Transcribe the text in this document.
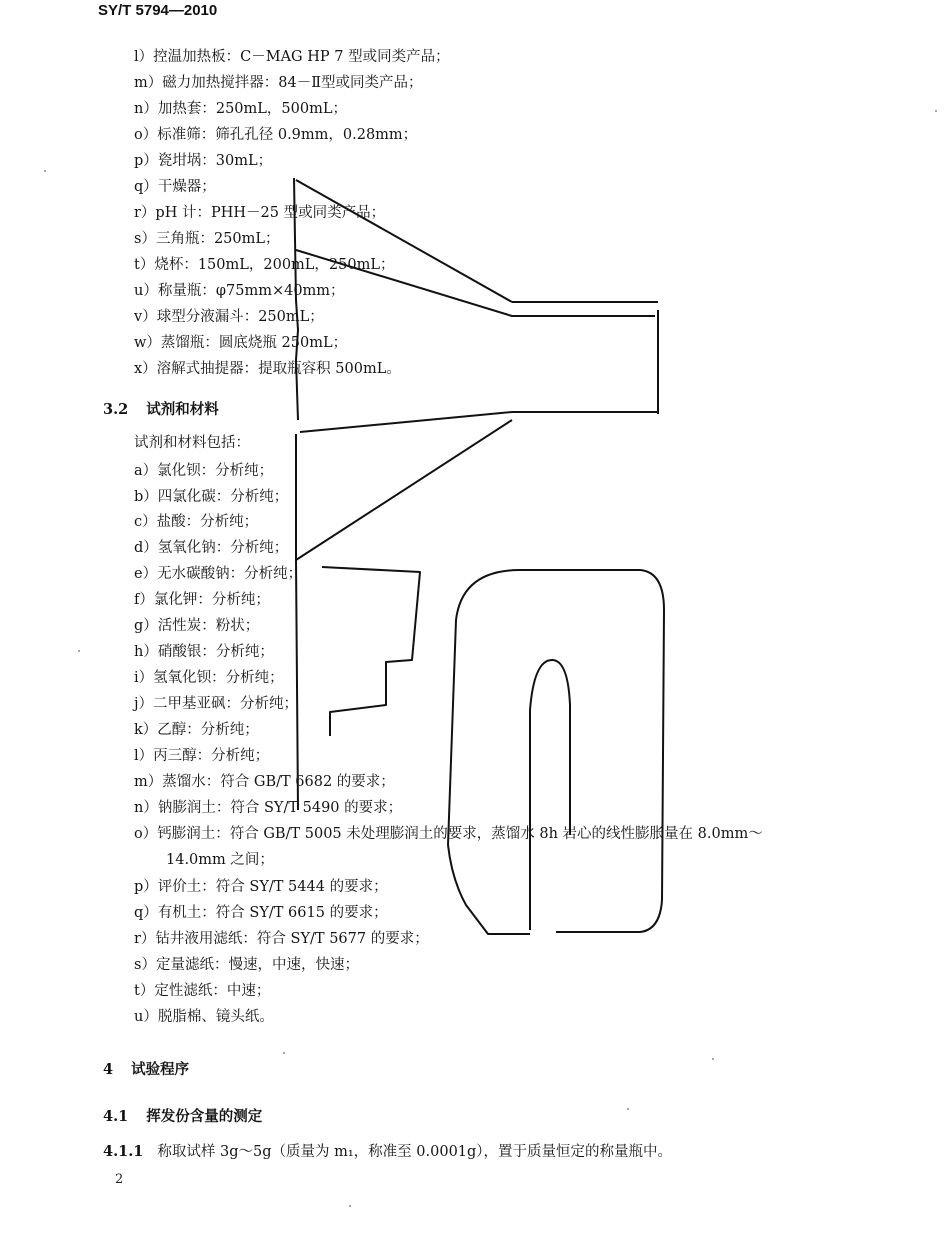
SY/T 5794—2010
l）控温加热板：C－MAG HP 7 型或同类产品；
m）磁力加热搅拌器：84－Ⅱ型或同类产品；
n）加热套：250mL，500mL；
o）标准筛：筛孔孔径 0.9mm，0.28mm；
p）瓷坩埚：30mL；
q）干燥器；
r）pH 计：PHH－25 型或同类产品；
s）三角瓶：250mL；
t）烧杯：150mL，200mL，250mL；
u）称量瓶：φ75mm×40mm；
v）球型分液漏斗：250mL；
w）蒸馏瓶：圆底烧瓶 250mL；
x）溶解式抽提器：提取瓶容积 500mL。
3.2 试剂和材料
试剂和材料包括：
a）氯化钡：分析纯；
b）四氯化碳：分析纯；
c）盐酸：分析纯；
d）氢氧化钠：分析纯；
e）无水碳酸钠：分析纯；
f）氯化钾：分析纯；
g）活性炭：粉状；
h）硝酸银：分析纯；
i）氢氧化钡：分析纯；
j）二甲基亚砜：分析纯；
k）乙醇：分析纯；
l）丙三醇：分析纯；
m）蒸馏水：符合 GB/T 6682 的要求；
n）钠膨润土：符合 SY/T 5490 的要求；
o）钙膨润土：符合 GB/T 5005 未处理膨润土的要求，蒸馏水 8h 岩心的线性膨胀量在 8.0mm～
14.0mm 之间；
p）评价土：符合 SY/T 5444 的要求；
q）有机土：符合 SY/T 6615 的要求；
r）钻井液用滤纸：符合 SY/T 5677 的要求；
s）定量滤纸：慢速，中速，快速；
t）定性滤纸：中速；
u）脱脂棉、镜头纸。
4 试验程序
4.1 挥发份含量的测定
4.1.1 称取试样 3g～5g（质量为 m₁，称准至 0.0001g），置于质量恒定的称量瓶中。
2
